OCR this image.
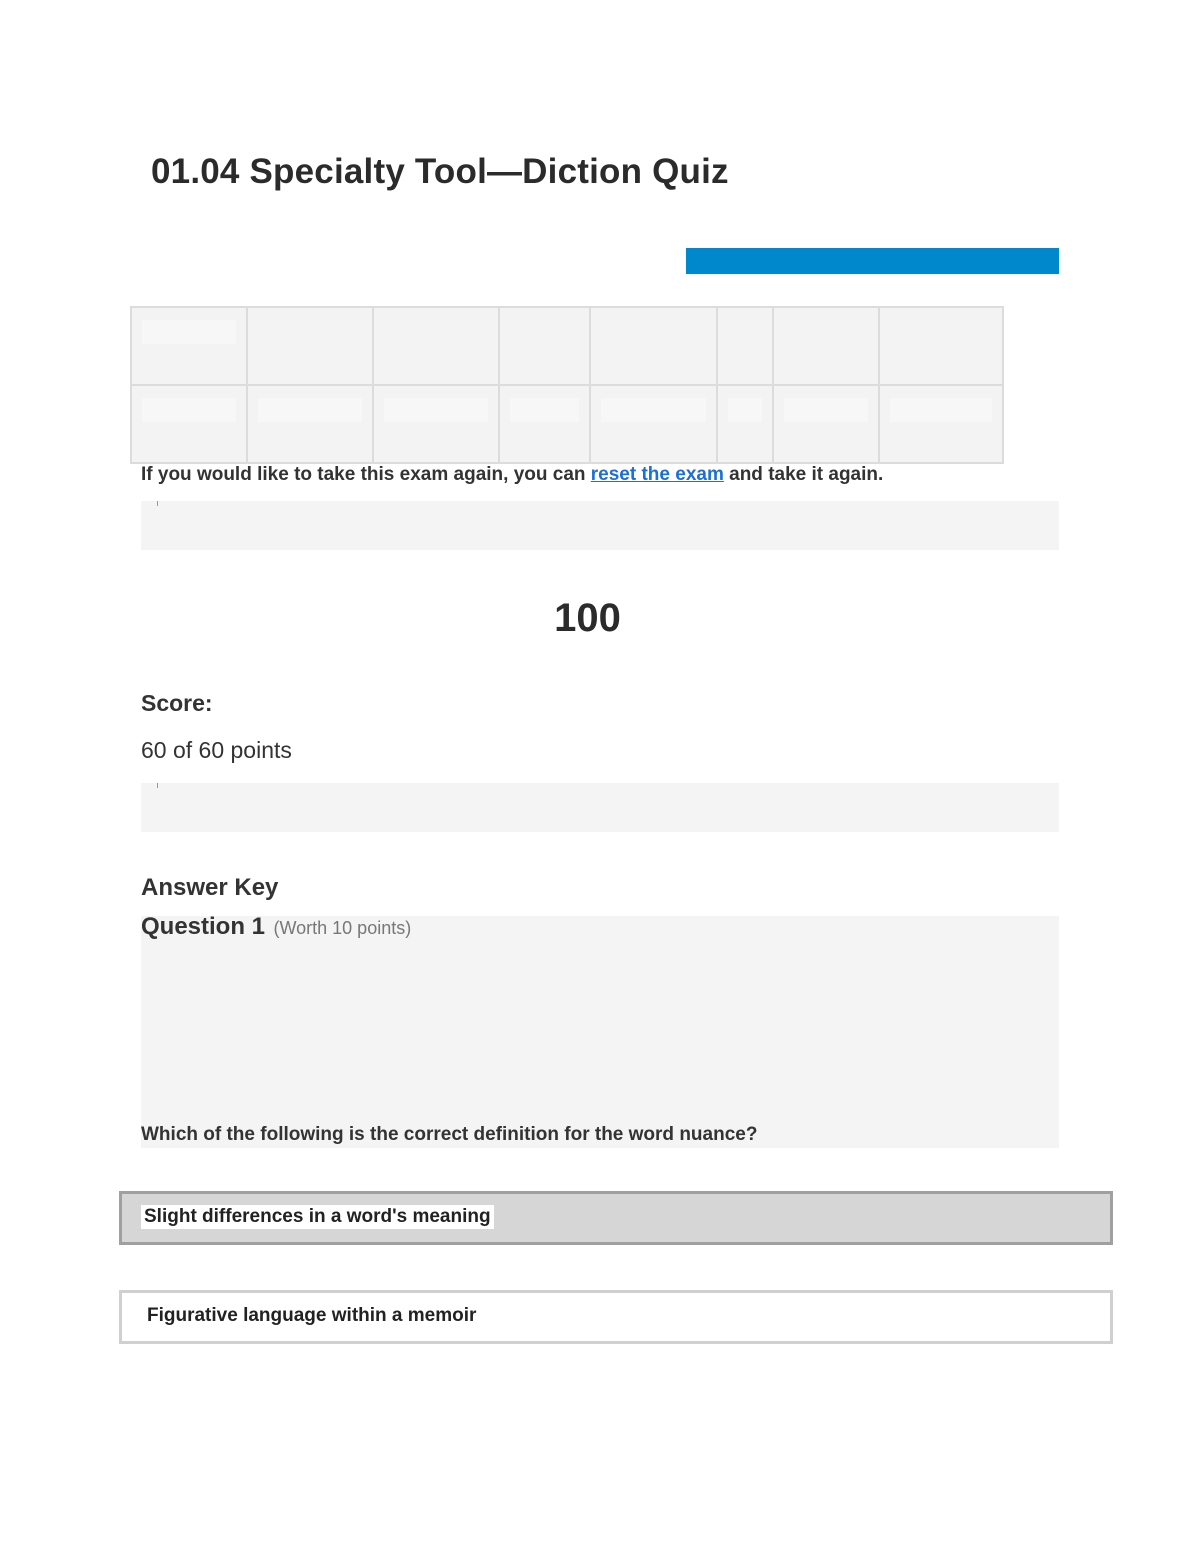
01.04 Specialty Tool—Diction Quiz

If you would like to take this exam again, you can reset the exam and take it again.
100
Score:
60 of 60 points
Answer Key
Question 1 (Worth 10 points)
Which of the following is the correct definition for the word nuance?
Slight differences in a word's meaning
Figurative language within a memoir
